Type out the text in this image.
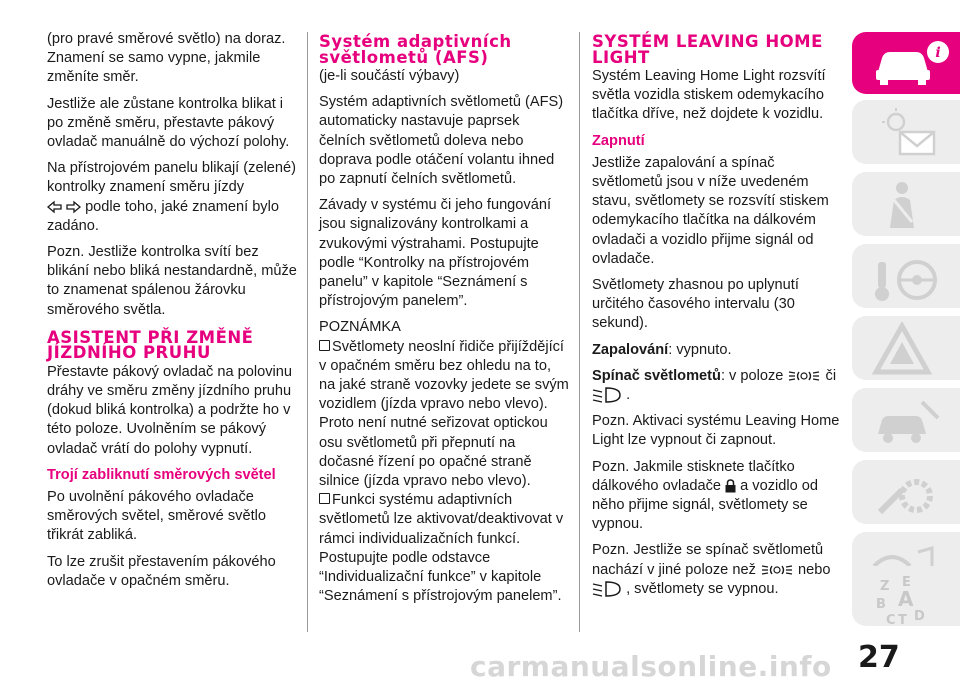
(pro pravé směrové světlo) na doraz. Znamení se samo vypne, jakmile změníte směr.

Jestliže ale zůstane kontrolka blikat i po změně směru, přestavte pákový ovladač manuálně do výchozí polohy.

Na přístrojovém panelu blikají (zelené) kontrolky znamení směru jízdy
podle toho, jaké znamení bylo zadáno.

Pozn. Jestliže kontrolka svítí bez blikání nebo bliká nestandardně, může to znamenat spálenou žárovku směrového světla.

ASISTENT PŘI ZMĚNĚ
JÍZDNÍHO PRUHU

Přestavte pákový ovladač na polovinu dráhy ve směru změny jízdního pruhu (dokud bliká kontrolka) a podržte ho v této poloze. Uvolněním se pákový ovladač vrátí do polohy vypnutí.

Trojí zabliknutí směrových světel

Po uvolnění pákového ovladače směrových světel, směrové světlo třikrát zabliká.

To lze zrušit přestavením pákového ovladače v opačném směru.

Systém adaptivních
světlometů (AFS)

(je-li součástí výbavy)

Systém adaptivních světlometů (AFS) automaticky nastavuje paprsek čelních světlometů doleva nebo doprava podle otáčení volantu ihned po zapnutí čelních světlometů.

Závady v systému či jeho fungování jsou signalizovány kontrolkami a zvukovými výstrahami. Postupujte podle “Kontrolky na přístrojovém panelu” v kapitole “Seznámení s přístrojovým panelem”.

POZNÁMKA

Světlomety neoslní řidiče přijíždějící v opačném směru bez ohledu na to, na jaké straně vozovky jedete se svým vozidlem (jízda vpravo nebo vlevo). Proto není nutné seřizovat optickou osu světlometů při přepnutí na dočasné řízení po opačné straně silnice (jízda vpravo nebo vlevo).

Funkci systému adaptivních světlometů lze aktivovat/deaktivovat v rámci individualizačních funkcí. Postupujte podle odstavce “Individualizační funkce” v kapitole “Seznámení s přístrojovým panelem”.

SYSTÉM LEAVING HOME
LIGHT

Systém Leaving Home Light rozsvítí světla vozidla stiskem odemykacího tlačítka dříve, než dojdete k vozidlu.

Zapnutí

Jestliže zapalování a spínač světlometů jsou v níže uvedeném stavu, světlomety se rozsvítí stiskem odemykacího tlačítka na dálkovém ovladači a vozidlo přijme signál od ovladače.

Světlomety zhasnou po uplynutí určitého časového intervalu (30 sekund).

Zapalování: vypnuto.

Spínač světlometů: v poloze	či
.

Pozn. Aktivaci systému Leaving Home Light lze vypnout či zapnout.

Pozn. Jakmile stisknete tlačítko dálkového ovladače a vozidlo od něho přijme signál, světlomety se vypnou.

Pozn. Jestliže se spínač světlometů nachází v jiné poloze než	nebo
, světlomety se vypnou.

i
Z E
B A
C T D
carmanualsonline.info 27
